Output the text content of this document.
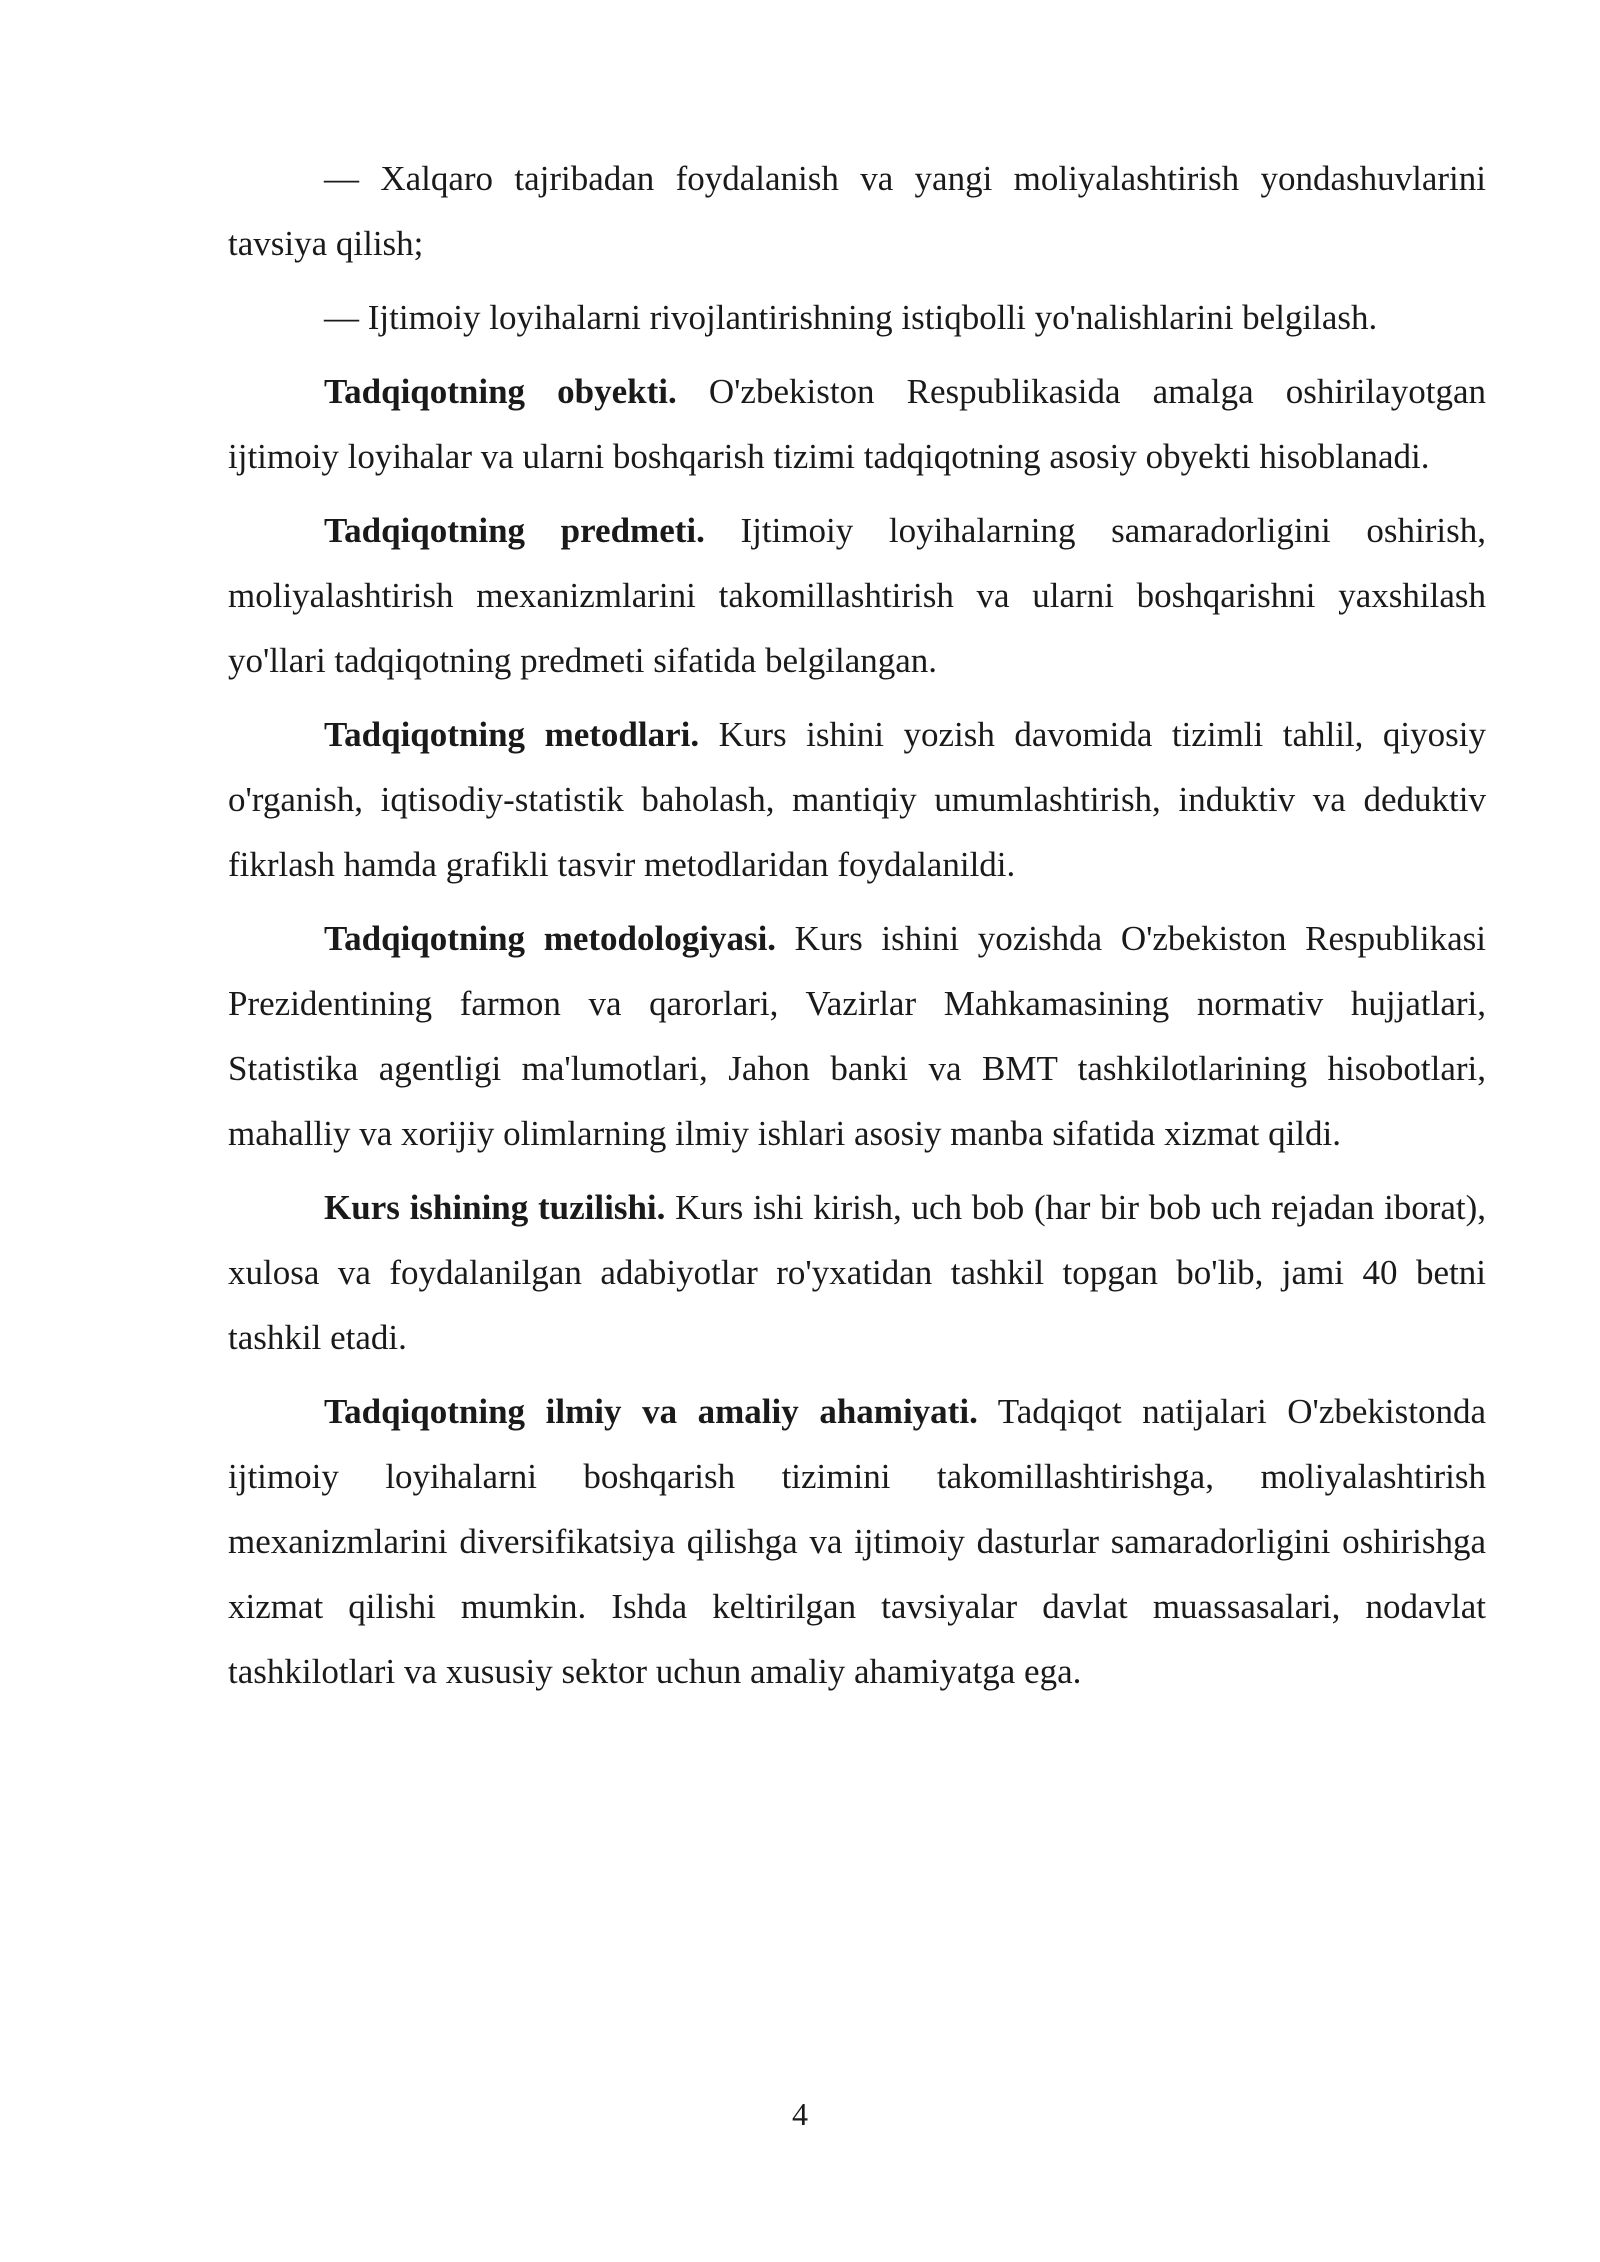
— Xalqaro tajribadan foydalanish va yangi moliyalashtirish yondashuvlarini tavsiya qilish;

— Ijtimoiy loyihalarni rivojlantirishning istiqbolli yo'nalishlarini belgilash.

Tadqiqotning obyekti. O'zbekiston Respublikasida amalga oshirilayotgan ijtimoiy loyihalar va ularni boshqarish tizimi tadqiqotning asosiy obyekti hisoblanadi.

Tadqiqotning predmeti. Ijtimoiy loyihalarning samaradorligini oshirish, moliyalashtirish mexanizmlarini takomillashtirish va ularni boshqarishni yaxshilash yo'llari tadqiqotning predmeti sifatida belgilangan.

Tadqiqotning metodlari. Kurs ishini yozish davomida tizimli tahlil, qiyosiy o'rganish, iqtisodiy-statistik baholash, mantiqiy umumlashtirish, induktiv va deduktiv fikrlash hamda grafikli tasvir metodlaridan foydalanildi.

Tadqiqotning metodologiyasi. Kurs ishini yozishda O'zbekiston Respublikasi Prezidentining farmon va qarorlari, Vazirlar Mahkamasining normativ hujjatlari, Statistika agentligi ma'lumotlari, Jahon banki va BMT tashkilotlarining hisobotlari, mahalliy va xorijiy olimlarning ilmiy ishlari asosiy manba sifatida xizmat qildi.

Kurs ishining tuzilishi. Kurs ishi kirish, uch bob (har bir bob uch rejadan iborat), xulosa va foydalanilgan adabiyotlar ro'yxatidan tashkil topgan bo'lib, jami 40 betni tashkil etadi.

Tadqiqotning ilmiy va amaliy ahamiyati. Tadqiqot natijalari O'zbekistonda ijtimoiy loyihalarni boshqarish tizimini takomillashtirishga, moliyalashtirish mexanizmlarini diversifikatsiya qilishga va ijtimoiy dasturlar samaradorligini oshirishga xizmat qilishi mumkin. Ishda keltirilgan tavsiyalar davlat muassasalari, nodavlat tashkilotlari va xususiy sektor uchun amaliy ahamiyatga ega.

4
